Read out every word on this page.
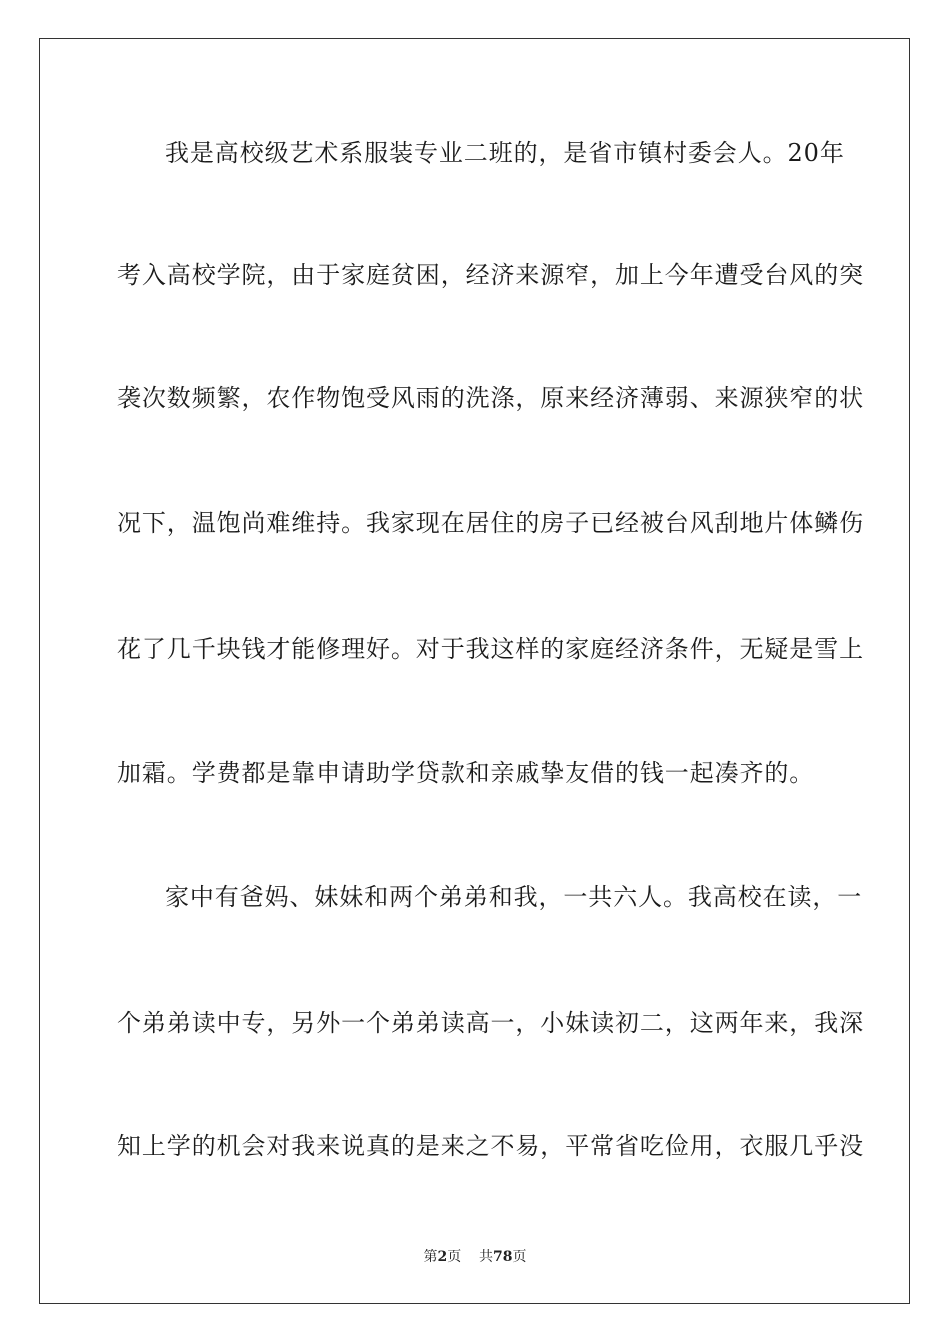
我是高校级艺术系服装专业二班的，是省市镇村委会人。20年
考入高校学院，由于家庭贫困，经济来源窄，加上今年遭受台风的突
袭次数频繁，农作物饱受风雨的洗涤，原来经济薄弱、来源狭窄的状
况下，温饱尚难维持。我家现在居住的房子已经被台风刮地片体鳞伤
花了几千块钱才能修理好。对于我这样的家庭经济条件，无疑是雪上
加霜。学费都是靠申请助学贷款和亲戚挚友借的钱一起凑齐的。
家中有爸妈、妹妹和两个弟弟和我，一共六人。我高校在读，一
个弟弟读中专，另外一个弟弟读高一，小妹读初二，这两年来，我深
知上学的机会对我来说真的是来之不易，平常省吃俭用，衣服几乎没
第2页 共78页
